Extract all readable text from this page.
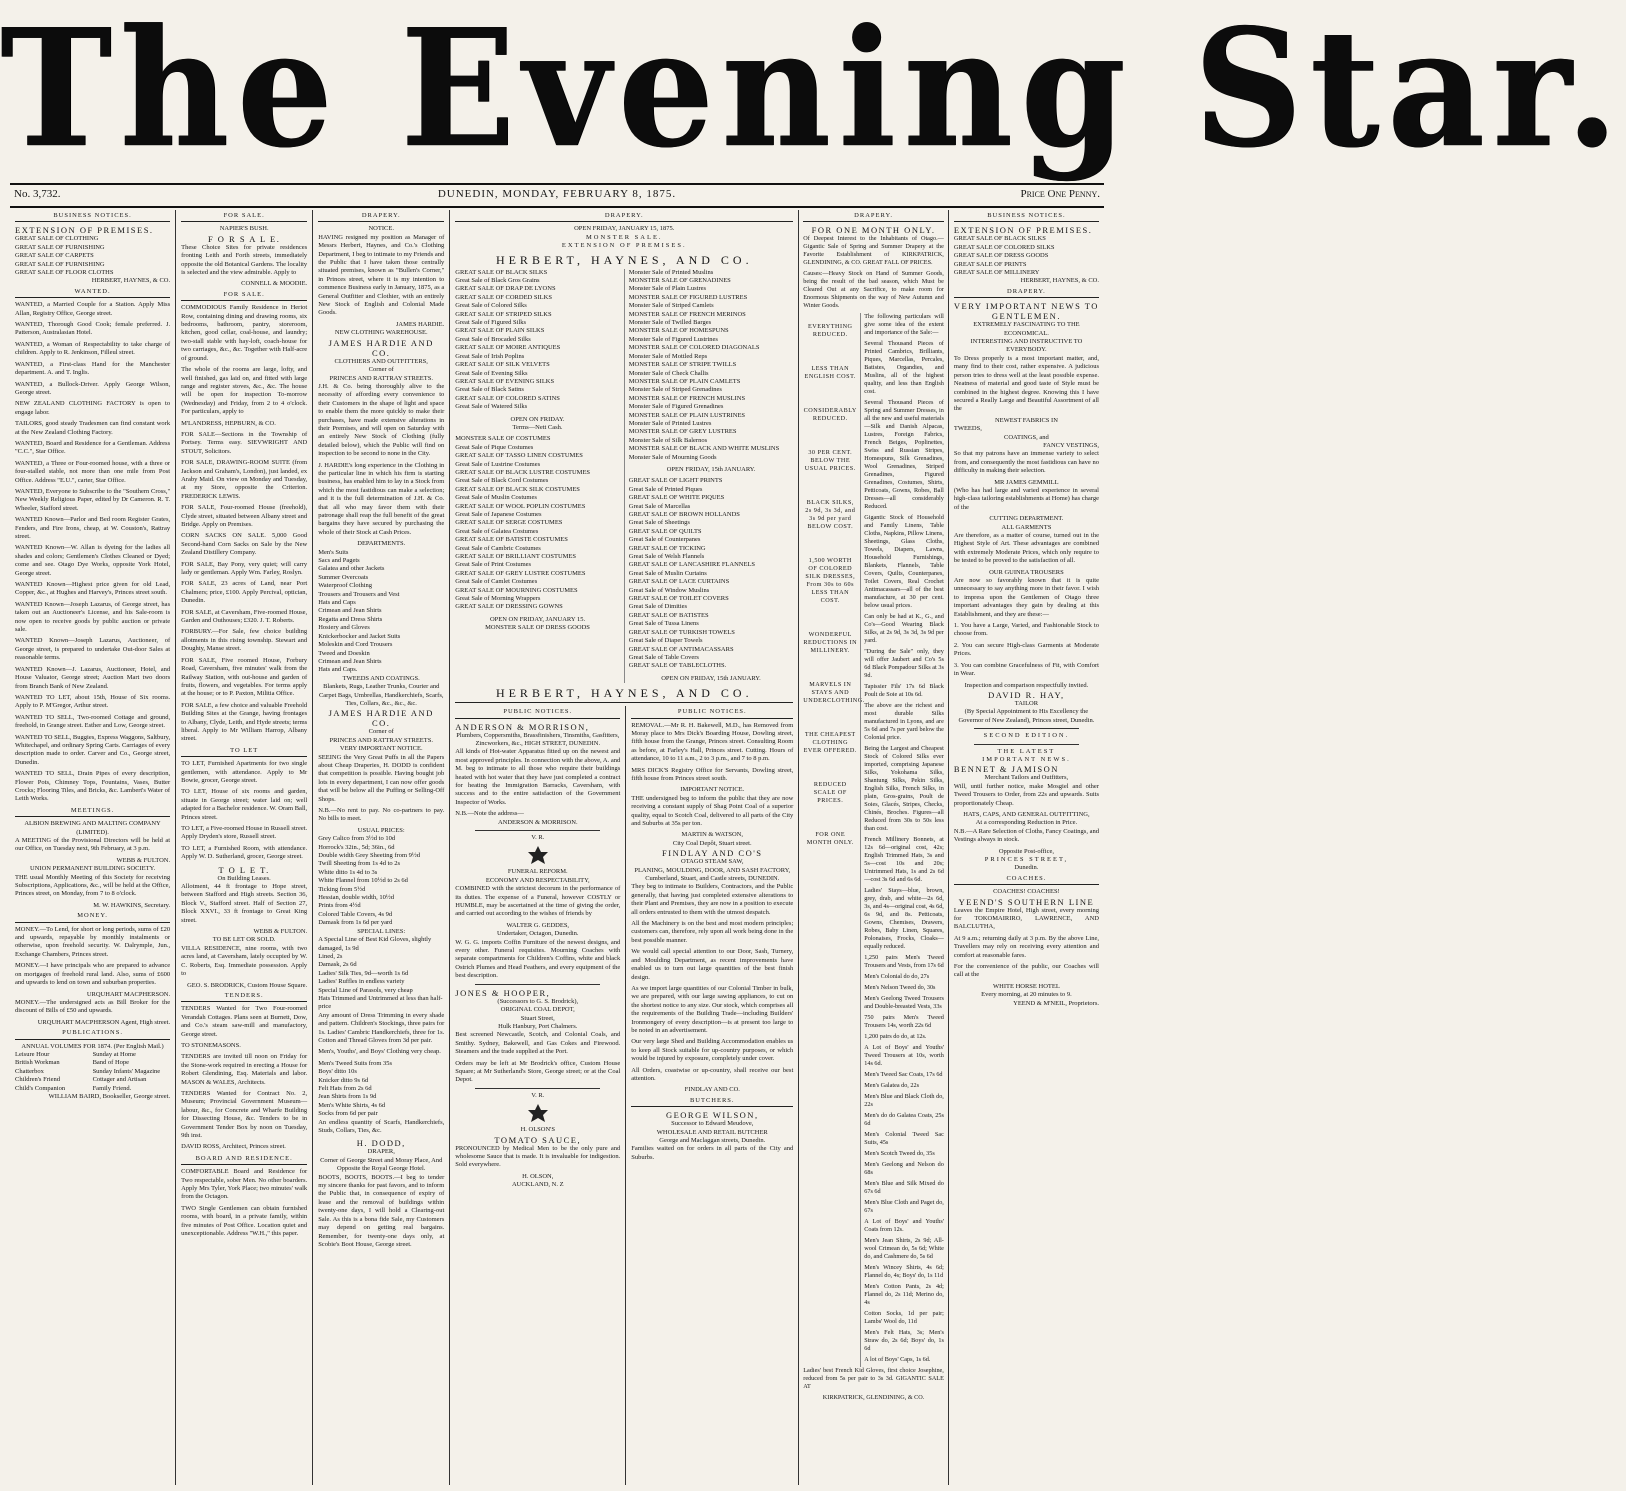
The Evening Star.
No. 3,732.	DUNEDIN, MONDAY, FEBRUARY 8, 1875.	Price One Penny.
BUSINESS NOTICES.
EXTENSION OF PREMISES.
GREAT SALE OF CLOTHING
GREAT SALE OF FURNISHING
GREAT SALE OF CARPETS
GREAT SALE OF FURNISHING
GREAT SALE OF FLOOR CLOTHS
HERBERT, HAYNES, & CO.
WANTED.

WANTED, a Married Couple for a Station. Apply Miss Allan, Registry Office, George street.

WANTED, Thorough Good Cook; female preferred. J. Patterson, Australasian Hotel.

WANTED, a Woman of Respectability to take charge of children. Apply to R. Jenkinson, Filleul street.

WANTED, a First-class Hand for the Manchester department. A. and T. Inglis.

WANTED, a Bullock-Driver. Apply George Wilson, George street.

NEW ZEALAND CLOTHING FACTORY is open to engage labor.

TAILORS, good steady Tradesmen can find constant work at the New Zealand Clothing Factory.

WANTED, Board and Residence for a Gentleman. Address "C.C.", Star Office.

WANTED, a Three or Four-roomed house, with a three or four-stalled stable, not more than one mile from Post Office. Address "E.U.", carter, Star Office.

WANTED, Everyone to Subscribe to the "Southern Cross," New Weekly Religious Paper, edited by Dr Cameron. R. T. Wheeler, Stafford street.

WANTED Known—Parlor and Bed room Register Grates, Fenders, and Fire Irons, cheap, at W. Couston's, Rattray street.

WANTED Known—W. Allan is dyeing for the ladies all shades and colors; Gentlemen's Clothes Cleaned or Dyed; come and see. Otago Dye Works, opposite York Hotel, George street.

WANTED Known—Highest price given for old Lead, Copper, &c., at Hughes and Harvey's, Princes street south.

WANTED Known—Joseph Lazarus, of George street, has taken out an Auctioneer's License, and his Sale-room is now open to receive goods by public auction or private sale.

WANTED Known—Joseph Lazarus, Auctioneer, of George street, is prepared to undertake Out-door Sales at reasonable terms.

WANTED Known—J. Lazarus, Auctioneer, Hotel, and House Valuator, George street; Auction Mart two doors from Branch Bank of New Zealand.

WANTED TO LET, about 15th, House of Six rooms. Apply to P. M'Gregor, Arthur street.

WANTED TO SELL, Two-roomed Cottage and ground, freehold, in Grange street. Esther and Low, George street.

WANTED TO SELL, Buggies, Express Waggons, Saltbury, Whitechapel, and ordinary Spring Carts. Carriages of every description made to order. Carver and Co., George street, Dunedin.

WANTED TO SELL, Drain Pipes of every description, Flower Pots, Chimney Tops, Fountains, Vases, Butter Crocks; Flooring Tiles, and Bricks, &c. Lambert's Water of Leith Works.

MEETINGS.
ALBION BREWING AND MALTING COMPANY (LIMITED).

A MEETING of the Provisional Directors will be held at our Office, on Tuesday next, 9th February, at 3 p.m.

WEBB & FULTON.
UNION PERMANENT BUILDING SOCIETY.

THE usual Monthly Meeting of this Society for receiving Subscriptions, Applications, &c., will be held at the Office, Princes street, on Monday, from 7 to 8 o'clock.

M. W. HAWKINS, Secretary.
MONEY.

MONEY.—To Lend, for short or long periods, sums of £20 and upwards, repayable by monthly instalments or otherwise, upon freehold security. W. Dalrymple, Jun., Exchange Chambers, Princes street.

MONEY.—I have principals who are prepared to advance on mortgages of freehold rural land. Also, sums of £600 and upwards to lend on town and suburban properties.

URQUHART MACPHERSON.

MONEY.—The undersigned acts as Bill Broker for the discount of Bills of £50 and upwards.

URQUHART MACPHERSON Agent, High street.
PUBLICATIONS.
ANNUAL VOLUMES FOR 1874. (Per English Mail.)
Leisure Hour
British Workman
Chatterbox
Children's Friend
Child's Companion
Sunday at Home
Band of Hope
Sunday Infants' Magazine
Cottager and Artisan
Family Friend.
WILLIAM BAIRD, Bookseller, George street.
FOR SALE.
NAPIER'S BUSH.
F O R S A L E.

These Choice Sites for private residences fronting Leith and Forth streets, immediately opposite the old Botanical Gardens. The locality is selected and the view admirable. Apply to

CONNELL & MOODIE.
FOR SALE.

COMMODIOUS Family Residence in Heriot Row, containing dining and drawing rooms, six bedrooms, bathroom, pantry, storeroom, kitchen, good cellar, coal-house, and laundry; two-stall stable with hay-loft, coach-house for two carriages, &c., &c. Together with Half-acre of ground.

The whole of the rooms are large, lofty, and well finished, gas laid on, and fitted with large range and register stoves, &c., &c. The house will be open for inspection To-morrow (Wednesday) and Friday, from 2 to 4 o'clock. For particulars, apply to

M'LANDRESS, HEPBURN, & CO.

FOR SALE—Sections in the Township of Portsey. Terms easy. SIEVWRIGHT AND STOUT, Solicitors.

FOR SALE, DRAWING-ROOM SUITE (from Jackson and Graham's, London), just landed, ex Araby Maid. On view on Monday and Tuesday, at my Store, opposite the Criterion. FREDERICK LEWIS.

FOR SALE, Four-roomed House (freehold), Clyde street, situated between Albany street and Bridge. Apply on Premises.

CORN SACKS ON SALE. 5,000 Good Second-hand Corn Sacks on Sale by the New Zealand Distillery Company.

FOR SALE, Bay Pony, very quiet; will carry lady or gentleman. Apply Wm. Farley, Roslyn.

FOR SALE, 23 acres of Land, near Port Chalmers; price, £100. Apply Percival, optician, Dunedin.

FOR SALE, at Caversham, Five-roomed House, Garden and Outhouses; £320. J. T. Roberts.

FORBURY.—For Sale, few choice building allotments in this rising township. Stewart and Doughty, Manse street.

FOR SALE, Five roomed House, Forbury Road, Caversham, five minutes' walk from the Railway Station, with out-house and garden of fruits, flowers, and vegetables. For terms apply at the house; or to P. Paxton, Militia Office.

FOR SALE, a few choice and valuable Freehold Building Sites at the Grange, having frontages to Albany, Clyde, Leith, and Hyde streets; terms liberal. Apply to Mr William Harrop, Albany street.

TO LET

TO LET, Furnished Apartments for two single gentlemen, with attendance. Apply to Mr Bowie, grocer, George street.

TO LET, House of six rooms and garden, situate in George street; water laid on; well adapted for a Bachelor residence. W. Oram Ball, Princes street.

TO LET, a Five-roomed House in Russell street. Apply Dryden's store, Russell street.

TO LET, a Furnished Room, with attendance. Apply W. D. Sutherland, grocer, George street.

T O L E T.
On Building Leases.

Allotment, 44 ft frontage to Hope street, between Stafford and High streets. Section 36, Block V., Stafford street. Half of Section 27, Block XXVI., 33 ft frontage to Great King street.

WEBB & FULTON.
TO BE LET OR SOLD.

VILLA RESIDENCE, nine rooms, with two acres land, at Caversham, lately occupied by W. C. Roberts, Esq. Immediate possession. Apply to

GEO. S. BRODRICK, Custom House Square.
TENDERS.

TENDERS Wanted for Two Four-roomed Verandah Cottages. Plans seen at Burnett, Dow, and Co.'s steam saw-mill and manufactory, George street.

TO STONEMASONS.

TENDERS are invited till noon on Friday for the Stone-work required in erecting a House for Robert Glendining, Esq. Materials and labor. MASON & WALES, Architects.

TENDERS Wanted for Contract No. 2, Museum; Provincial Government Museum—labour, &c., for Concrete and Wharfe Building for Dissecting House, &c. Tenders to be in Government Tender Box by noon on Tuesday, 9th inst.

DAVID ROSS, Architect, Princes street.

BOARD AND RESIDENCE.

COMFORTABLE Board and Residence for Two respectable, sober Men. No other boarders. Apply Mrs Tyler, York Place; two minutes' walk from the Octagon.

TWO Single Gentlemen can obtain furnished rooms, with board, in a private family, within five minutes of Post Office. Location quiet and unexceptionable. Address "W.H.," this paper.

DRAPERY.
NOTICE.

HAVING resigned my position as Manager of Messrs Herbert, Haynes, and Co.'s Clothing Department, I beg to intimate to my Friends and the Public that I have taken those centrally situated premises, known as "Bullen's Corner," in Princes street, where it is my intention to commence Business early in January, 1875, as a General Outfitter and Clothier, with an entirely New Stock of English and Colonial Made Goods.

JAMES HARDIE.
NEW CLOTHING WAREHOUSE.
JAMES HARDIE AND CO.
CLOTHIERS AND OUTFITTERS,
Corner of
PRINCES AND RATTRAY STREETS.

J.H. & Co. being thoroughly alive to the necessity of affording every convenience to their Customers in the shape of light and space to enable them the more quickly to make their purchases, have made extensive alterations in their Premises, and will open on Saturday with an entirely New Stock of Clothing (fully detailed below), which the Public will find on inspection to be second to none in the City.

J. HARDIE's long experience in the Clothing in the particular line in which his firm is starting business, has enabled him to lay in a Stock from which the most fastidious can make a selection; and it is the full determination of J.H. & Co. that all who may favor them with their patronage shall reap the full benefit of the great bargains they have secured by purchasing the whole of their Stock at Cash Prices.

DEPARTMENTS.
Men's Suits
Sacs and Pagets
Galatea and other Jackets
Summer Overcoats
Waterproof Clothing
Trousers and Trousers and Vest
Hats and Caps
Crimean and Jean Shirts
Regatta and Dress Shirts
Hosiery and Gloves
Knickerbocker and Jacket Suits
Moleskin and Cord Trousers
Tweed and Doeskin
Crimean and Jean Shirts
Hats and Caps.
TWEEDS AND COATINGS.
Blankets, Rugs, Leather Trunks, Courier and Carpet Bags, Umbrellas, Handkerchiefs, Scarfs, Ties, Collars, &c., &c., &c.
JAMES HARDIE AND CO.
Corner of
PRINCES AND RATTRAY STREETS.
VERY IMPORTANT NOTICE.

SEEING the Very Great Puffs in all the Papers about Cheap Draperies, H. DODD is confident that competition is possible. Having bought job lots in every department, I can now offer goods that will be below all the Puffing or Selling-Off Shops.

N.B.—No rent to pay. No co-partners to pay. No bills to meet.

USUAL PRICES:
Grey Calico from 3½d to 10d
Horrock's 32in., 5d; 36in., 6d
Double width Grey Sheeting from 9½d
Twill Sheeting from 1s 4d to 2s
White ditto 1s 4d to 3s
White Flannel from 10½d to 2s 6d
Ticking from 5½d
Hessian, double width, 10½d
Prints from 4½d
Colored Table Covers, 4s 9d
Damask from 1s 6d per yard
SPECIAL LINES:
A Special Line of Best Kid Gloves, slightly damaged, 1s 9d
Lined, 2s
Damask, 2s 6d
Ladies' Silk Ties, 9d—worth 1s 6d
Ladies' Ruffles in endless variety
Special Line of Parasols, very cheap
Hats Trimmed and Untrimmed at less than half-price

Any amount of Dress Trimming in every shade and pattern. Children's Stockings, three pairs for 1s. Ladies' Cambric Handkerchiefs, three for 1s. Cotton and Thread Gloves from 3d per pair.

Men's, Youths', and Boys' Clothing very cheap.

Men's Tweed Suits from 35s
Boys' ditto 10s
Knicker ditto 9s 6d
Felt Hats from 2s 6d
Jean Shirts from 1s 9d
Men's White Shirts, 4s 6d
Socks from 6d per pair

An endless quantity of Scarfs, Handkerchiefs, Studs, Collars, Ties, &c.

H. DODD,
DRAPER,
Corner of George Street and Moray Place, And Opposite the Royal George Hotel.

BOOTS, BOOTS, BOOTS.—I beg to tender my sincere thanks for past favors, and to inform the Public that, in consequence of expiry of lease and the removal of buildings within twenty-one days, I will hold a Clearing-out Sale. As this is a bona fide Sale, my Customers may depend on getting real bargains. Remember, for twenty-one days only, at Scobie's Boot House, George street.

DRAPERY.
OPEN FRIDAY, JANUARY 15, 1875.
MONSTER SALE.
EXTENSION OF PREMISES.
HERBERT, HAYNES, AND CO.
GREAT SALE OF BLACK SILKS
Great Sale of Black Gros Grains
GREAT SALE OF DRAP DE LYONS
GREAT SALE OF CORDED SILKS
Great Sale of Colored Silks
GREAT SALE OF STRIPED SILKS
Great Sale of Figured Silks
GREAT SALE OF PLAIN SILKS
Great Sale of Brocaded Silks
GREAT SALE OF MOIRE ANTIQUES
Great Sale of Irish Poplins
GREAT SALE OF SILK VELVETS
Great Sale of Evening Silks
GREAT SALE OF EVENING SILKS
Great Sale of Black Satins
GREAT SALE OF COLORED SATINS
Great Sale of Watered Silks
OPEN ON FRIDAY.
Terms—Nett Cash.
MONSTER SALE OF COSTUMES
Great Sale of Pique Costumes
GREAT SALE OF TASSO LINEN COSTUMES
Great Sale of Lustrine Costumes
GREAT SALE OF BLACK LUSTRE COSTUMES
Great Sale of Black Cord Costumes
GREAT SALE OF BLACK SILK COSTUMES
Great Sale of Muslin Costumes
GREAT SALE OF WOOL POPLIN COSTUMES
Great Sale of Japanese Costumes
GREAT SALE OF SERGE COSTUMES
Great Sale of Galatea Costumes
GREAT SALE OF BATISTE COSTUMES
Great Sale of Cambric Costumes
GREAT SALE OF BRILLIANT COSTUMES
Great Sale of Print Costumes
GREAT SALE OF GREY LUSTRE COSTUMES
Great Sale of Camlet Costumes
GREAT SALE OF MOURNING COSTUMES
Great Sale of Morning Wrappers
GREAT SALE OF DRESSING GOWNS
OPEN ON FRIDAY, JANUARY 15.
MONSTER SALE OF DRESS GOODS
Monster Sale of Printed Muslins
MONSTER SALE OF GRENADINES
Monster Sale of Plain Lustres
MONSTER SALE OF FIGURED LUSTRES
Monster Sale of Striped Camlets
MONSTER SALE OF FRENCH MERINOS
Monster Sale of Twilled Barges
MONSTER SALE OF HOMESPUNS
Monster Sale of Figured Lustrines
MONSTER SALE OF COLORED DIAGONALS
Monster Sale of Mottled Reps
MONSTER SALE OF STRIPE TWILLS
Monster Sale of Check Challis
MONSTER SALE OF PLAIN CAMLETS
Monster Sale of Striped Grenadines
MONSTER SALE OF FRENCH MUSLINS
Monster Sale of Figured Grenadines
MONSTER SALE OF PLAIN LUSTRINES
Monster Sale of Printed Lustres
MONSTER SALE OF GREY LUSTRES
Monster Sale of Silk Balernos
MONSTER SALE OF BLACK AND WHITE MUSLINS
Monster Sale of Mourning Goods
OPEN FRIDAY, 15th JANUARY.
GREAT SALE OF LIGHT PRINTS
Great Sale of Printed Piques
GREAT SALE OF WHITE PIQUES
Great Sale of Marcellas
GREAT SALE OF BROWN HOLLANDS
Great Sale of Sheetings
GREAT SALE OF QUILTS
Great Sale of Counterpanes
GREAT SALE OF TICKING
Great Sale of Welsh Flannels
GREAT SALE OF LANCASHIRE FLANNELS
Great Sale of Muslin Curtains
GREAT SALE OF LACE CURTAINS
Great Sale of Window Muslins
GREAT SALE OF TOILET COVERS
Great Sale of Dimities
GREAT SALE OF BATISTES
Great Sale of Tussa Linens
GREAT SALE OF TURKISH TOWELS
Great Sale of Diaper Towels
GREAT SALE OF ANTIMACASSARS
Great Sale of Table Covers
GREAT SALE OF TABLECLOTHS.
OPEN ON FRIDAY, 15th JANUARY.
HERBERT, HAYNES, AND CO.
PUBLIC NOTICES.
ANDERSON & MORRISON,
Plumbers, Coppersmiths, Brassfinishers, Tinsmiths, Gasfitters, Zincworkers, &c., HIGH STREET, DUNEDIN.

All kinds of Hot-water Apparatus fitted up on the newest and most approved principles. In connection with the above, A. and M. beg to intimate to all those who require their buildings heated with hot water that they have just completed a contract for heating the Immigration Barracks, Caversham, with success and to the entire satisfaction of the Government Inspector of Works.

N.B.—Note the address—
ANDERSON & MORRISON.
V. R.
FUNERAL REFORM.
ECONOMY AND RESPECTABILITY,

COMBINED with the strictest decorum in the performance of its duties. The expense of a Funeral, however COSTLY or HUMBLE, may be ascertained at the time of giving the order, and carried out according to the wishes of friends by

WALTER G. GEDDES,
Undertaker, Octagon, Dunedin.

W. G. G. imports Coffin Furniture of the newest designs, and every other. Funeral requisites. Mourning Coaches with separate compartments for Children's Coffins, white and black Ostrich Plumes and Head Feathers, and every equipment of the best description.

JONES & HOOPER,
(Successors to G. S. Brodrick),
ORIGINAL COAL DEPOT,
Stuart Street,
Hulk Hanbury, Port Chalmers.

Best screened Newcastle, Scotch, and Colonial Coals, and Smithy. Sydney, Bakewell, and Gas Cokes and Firewood. Steamers and the trade supplied at the Port.

Orders may be left at Mr Brodrick's office, Custom House Square; at Mr Sutherland's Store, George street; or at the Coal Depot.

V. R.
H. OLSON'S
TOMATO SAUCE,

PRONOUNCED by Medical Men to be the only pure and wholesome Sauce that is made. It is invaluable for indigestion. Sold everywhere.

H. OLSON,
AUCKLAND, N. Z
PUBLIC NOTICES.

REMOVAL.—Mr R. H. Bakewell, M.D., has Removed from Moray place to Mrs Dick's Boarding House, Dowling street, fifth house from the Grange, Princes street. Consulting Room as before, at Farley's Hall, Princes street. Cutting. Hours of attendance, 10 to 11 a.m., 2 to 3 p.m., and 7 to 8 p.m.

MRS DICK'S Registry Office for Servants, Dowling street, fifth house from Princes street south.

IMPORTANT NOTICE.

THE undersigned beg to inform the public that they are now receiving a constant supply of Shag Point Coal of a superior quality, equal to Scotch Coal, delivered to all parts of the City and Suburbs at 35s per ton.

MARTIN & WATSON,
City Coal Depôt, Stuart street.
FINDLAY AND CO'S
OTAGO STEAM SAW,
PLANING, MOULDING, DOOR, AND SASH FACTORY,
Cumberland, Stuart, and Castle streets, DUNEDIN.

They beg to intimate to Builders, Contractors, and the Public generally, that having just completed extensive alterations to their Plant and Premises, they are now in a position to execute all orders entrusted to them with the utmost despatch.

All the Machinery is on the best and most modern principles; customers can, therefore, rely upon all work being done in the best possible manner.

We would call special attention to our Door, Sash, Turnery, and Moulding Department, as recent improvements have enabled us to turn out large quantities of the best finish design.

As we import large quantities of our Colonial Timber in bulk, we are prepared, with our large sawing appliances, to cut on the shortest notice to any size. Our stock, which comprises all the requirements of the Building Trade—including Builders' Ironmongery of every description—is at present too large to be noted in an advertisement.

Our very large Shed and Building Accommodation enables us to keep all Stock suitable for up-country purposes, or which would be injured by exposure, completely under cover.

All Orders, coastwise or up-country, shall receive our best attention.

FINDLAY AND CO.
BUTCHERS.
GEORGE WILSON,
Successor to Edward Meudove,
WHOLESALE AND RETAIL BUTCHER
George and Maclaggan streets, Dunedin.

Families waited on for orders in all parts of the City and Suburbs.

DRAPERY.
FOR ONE MONTH ONLY.

Of Deepest Interest to the Inhabitants of Otago.—Gigantic Sale of Spring and Summer Drapery at the Favorite Establishment of KIRKPATRICK, GLENDINING, & CO. GREAT FALL OF PRICES.

Causes:—Heavy Stock on Hand of Summer Goods, being the result of the bad season, which Must be Cleared Out at any Sacrifice, to make room for Enormous Shipments on the way of New Autumn and Winter Goods.

EVERYTHING REDUCED.
LESS THAN ENGLISH COST.
CONSIDERABLY REDUCED.
30 PER CENT. BELOW THE USUAL PRICES.
BLACK SILKS, 2s 9d, 3s 3d, and 3s 9d per yard BELOW COST.
1,500 WORTH OF COLORED SILK DRESSES, From 30s to 60s LESS THAN COST.
WONDERFUL REDUCTIONS IN MILLINERY.
MARVELS IN STAYS AND UNDERCLOTHING.
THE CHEAPEST CLOTHING EVER OFFERED.
REDUCED SCALE OF PRICES.
FOR ONE MONTH ONLY.

The following particulars will give some idea of the extent and importance of the Sale:—

Several Thousand Pieces of Printed Cambrics, Brilliants, Piques, Marcellas, Percales, Batistes, Organdies, and Muslins, all of the highest quality, and less than English cost.

Several Thousand Pieces of Spring and Summer Dresses, in all the new and useful materials—Silk and Danish Alpacas, Lustres, Foreign Fabrics, French Beiges, Poplinettes, Swiss and Russian Stripes, Homespuns, Silk Grenadines, Wool Grenadines, Striped Grenadines, Figured Grenadines, Costumes, Shirts, Petticoats, Gowns, Robes, Ball Dresses—all considerably Reduced.

Gigantic Stock of Household and Family Linens, Table Cloths, Napkins, Pillow Linens, Sheetings, Glass Cloths, Towels, Diapers, Lawns, Household Furnishings, Blankets, Flannels, Table Covers, Quilts, Counterpanes, Toilet Covers, Real Crochet Antimacassars—all of the best manufacture, at 30 per cent. below usual prices.

Can only be had at K., G., and Co's—Good Wearing Black Silks, at 2s 9d, 3s 3d, 3s 9d per yard.

"During the Sale" only, they will offer Jaubert and Co's 5s 6d Black Pompadour Silks at 3s 9d.

Tapissier Fils' 17s 6d Black Poult de Soie at 10s 6d.

The above are the richest and most durable Silks manufactured in Lyons, and are 5s 6d and 7s per yard below the Colonial price.

Being the Largest and Cheapest Stock of Colored Silks ever imported, comprising Japanese Silks, Yokohama Silks, Shantung Silks, Pekin Silks, English Silks, French Silks, in plain, Gros-grains, Poult de Soies, Glacés, Stripes, Checks, Chinés, Broches. Figures—all Reduced from 30s to 50s less than cost.

French Millinery Bonnets, at 12s 6d—original cost, 42s; English Trimmed Hats, 3s and 5s—cost 10s and 20s; Untrimmed Hats, 1s and 2s 6d—cost 3s 6d and 6s 6d.

Ladies' Stays—blue, brown, grey, drab, and white—2s 6d, 3s, and 4s—original cost, 4s 6d, 6s 9d, and 8s. Petticoats, Gowns, Chemises, Drawers, Robes, Baby Linen, Squares, Polonaises, Frocks, Cloaks—equally reduced.

1,250 pairs Men's Tweed Trousers and Vests, from 17s 6d

Men's Colonial do do, 27s

Men's Nelson Tweed do, 30s

Men's Geelong Tweed Trousers and Double-breasted Vests, 33s

750 pairs Men's Tweed Trousers 14s, worth 22s 6d

1,200 pairs do do, at 12s.

A Lot of Boys' and Youths' Tweed Trousers at 10s, worth 14s 6d.

Men's Tweed Sac Coats, 17s 6d

Men's Galatea do, 22s

Men's Blue and Black Cloth do, 22s

Men's do do Galatea Coats, 25s 6d

Men's Colonial Tweed Sac Suits, 45s

Men's Scotch Tweed do, 35s

Men's Geelong and Nelson do 68s

Men's Blue and Silk Mixed do 67s 6d

Men's Blue Cloth and Paget do, 67s

A Lot of Boys' and Youths' Coats from 12s.

Men's Jean Shirts, 2s 9d; All-wool Crimean do, 5s 6d; White do, and Cashmere do, 5s 6d

Men's Wincey Shirts, 4s 6d; Flannel do, 4s; Boys' do, 1s 11d

Men's Cotton Pants, 2s 4d; Flannel do, 2s 11d; Merino do, 4s

Cotton Socks, 1d per pair; Lambs' Wool do, 11d

Men's Felt Hats, 3s; Men's Straw do, 2s 6d; Boys' do, 1s 6d

A lot of Boys' Caps, 1s 6d.

Ladies' best French Kid Gloves, first choice Josephine, reduced from 5s per pair to 3s 3d. GIGANTIC SALE AT

KIRKPATRICK, GLENDINING, & CO.
BUSINESS NOTICES.
EXTENSION OF PREMISES.
GREAT SALE OF BLACK SILKS
GREAT SALE OF COLORED SILKS
GREAT SALE OF DRESS GOODS
GREAT SALE OF PRINTS
GREAT SALE OF MILLINERY
HERBERT, HAYNES, & CO.
DRAPERY.
VERY IMPORTANT NEWS TO GENTLEMEN.
EXTREMELY FASCINATING TO THE ECONOMICAL.
INTERESTING AND INSTRUCTIVE TO EVERYBODY.

To Dress properly is a most important matter, and, many find to their cost, rather expensive. A judicious person tries to dress well at the least possible expense. Neatness of material and good taste of Style must be combined in the highest degree. Knowing this I have secured a Really Large and Beautiful Assortment of all the

NEWEST FABRICS IN
TWEEDS,
COATINGS, and
FANCY VESTINGS,

So that my patrons have an immense variety to select from, and consequently the most fastidious can have no difficulty in making their selection.

MR JAMES GEMMILL

(Who has had large and varied experience in several high-class tailoring establishments at Home) has charge of the

CUTTING DEPARTMENT.
ALL GARMENTS

Are therefore, as a matter of course, turned out in the Highest Style of Art. These advantages are combined with extremely Moderate Prices, which only require to be tested to be proved to the satisfaction of all.

OUR GUINEA TROUSERS

Are now so favorably known that it is quite unnecessary to say anything more in their favor. I wish to impress upon the Gentlemen of Otago three important advantages they gain by dealing at this Establishment, and they are these:—

1. You have a Large, Varied, and Fashionable Stock to choose from.

2. You can secure High-class Garments at Moderate Prices.

3. You can combine Gracefulness of Fit, with Comfort in Wear.

Inspection and comparison respectfully invited.
DAVID R. HAY,
TAILOR
(By Special Appointment to His Excellency the Governor of New Zealand), Princes street, Dunedin.
SECOND EDITION.
THE LATEST
IMPORTANT NEWS.
BENNET & JAMISON
Merchant Tailors and Outfitters,

Will, until further notice, make Mosgiel and other Tweed Trousers to Order, from 22s and upwards. Suits proportionately Cheap.

HATS, CAPS, AND GENERAL OUTFITTING,
At a corresponding Reduction in Price.

N.B.—A Rare Selection of Cloths, Fancy Coatings, and Vestings always in stock.

Opposite Post-office,
PRINCES STREET,
Dunedin.
COACHES.
COACHES! COACHES!
YEEND'S SOUTHERN LINE

Leaves the Empire Hotel, High street, every morning for TOKOMAIRIRO, LAWRENCE, AND BALCLUTHA,

At 9 a.m.; returning daily at 3 p.m. By the above Line, Travellers may rely on receiving every attention and comfort at reasonable fares.

For the convenience of the public, our Coaches will call at the

WHITE HORSE HOTEL
Every morning, at 20 minutes to 9.
YEEND & M'NEIL, Proprietors.
